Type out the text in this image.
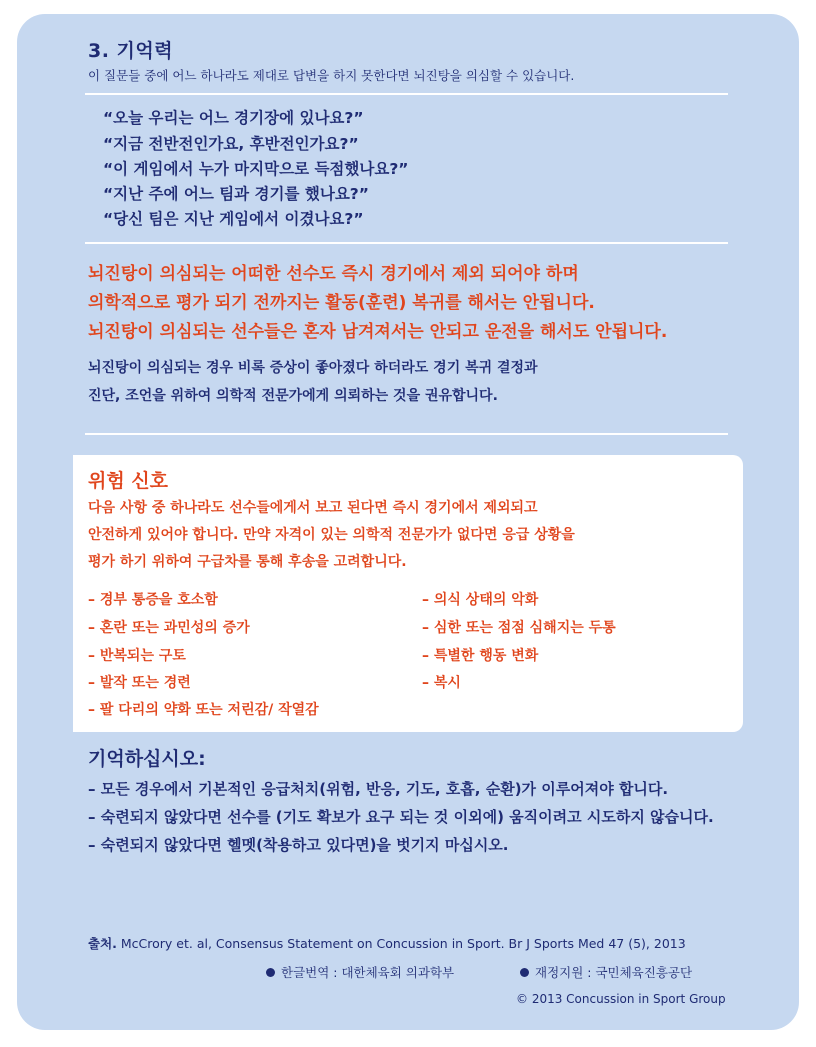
3. 기억력
이 질문들 중에 어느 하나라도 제대로 답변을 하지 못한다면 뇌진탕을 의심할 수 있습니다.
“오늘 우리는 어느 경기장에 있나요?”
“지금 전반전인가요, 후반전인가요?”
“이 게임에서 누가 마지막으로 득점했나요?”
“지난 주에 어느 팀과 경기를 했나요?”
“당신 팀은 지난 게임에서 이겼나요?”
뇌진탕이 의심되는 어떠한 선수도 즉시 경기에서 제외 되어야 하며
의학적으로 평가 되기 전까지는 활동(훈련) 복귀를 해서는 안됩니다.
뇌진탕이 의심되는 선수들은 혼자 남겨져서는 안되고 운전을 해서도 안됩니다.
뇌진탕이 의심되는 경우 비록 증상이 좋아졌다 하더라도 경기 복귀 결정과
진단, 조언을 위하여 의학적 전문가에게 의뢰하는 것을 권유합니다.
위험 신호
다음 사항 중 하나라도 선수들에게서 보고 된다면 즉시 경기에서 제외되고
안전하게 있어야 합니다. 만약 자격이 있는 의학적 전문가가 없다면 응급 상황을
평가 하기 위하여 구급차를 통해 후송을 고려합니다.
– 경부 통증을 호소함
– 혼란 또는 과민성의 증가
– 반복되는 구토
– 발작 또는 경련
– 팔 다리의 약화 또는 저린감/ 작열감
– 의식 상태의 악화
– 심한 또는 점점 심해지는 두통
– 특별한 행동 변화
– 복시
기억하십시오:
– 모든 경우에서 기본적인 응급처치(위험, 반응, 기도, 호흡, 순환)가 이루어져야 합니다.
– 숙련되지 않았다면 선수를 (기도 확보가 요구 되는 것 이외에) 움직이려고 시도하지 않습니다.
– 숙련되지 않았다면 헬멧(착용하고 있다면)을 벗기지 마십시오.
출처. McCrory et. al, Consensus Statement on Concussion in Sport. Br J Sports Med 47 (5), 2013
한글번역 : 대한체육회 의과학부	재정지원 : 국민체육진흥공단
© 2013 Concussion in Sport Group
